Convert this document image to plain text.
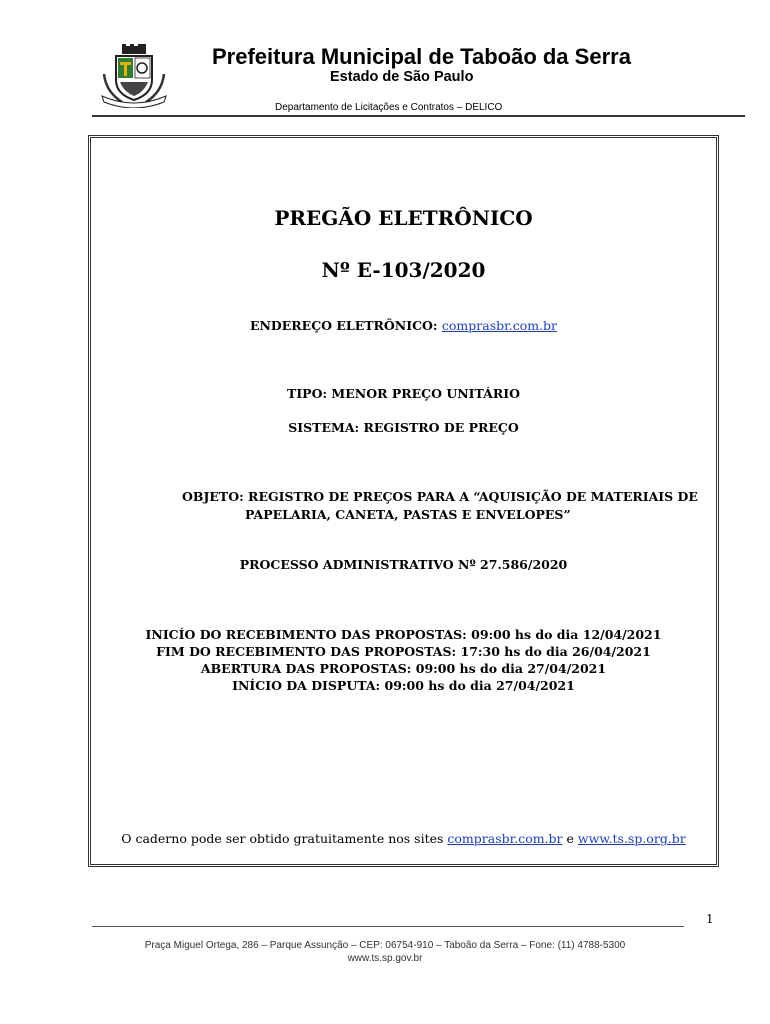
Prefeitura Municipal de Taboão da Serra
Estado de São Paulo
Departamento de Licitações e Contratos – DELICO
PREGÃO ELETRÔNICO
Nº E-103/2020
ENDEREÇO ELETRÔNICO: comprasbr.com.br
TIPO: MENOR PREÇO UNITÁRIO
SISTEMA: REGISTRO DE PREÇO
OBJETO: REGISTRO DE PREÇOS PARA A “AQUISIÇÃO DE MATERIAIS DE
PAPELARIA, CANETA, PASTAS E ENVELOPES”
PROCESSO ADMINISTRATIVO Nº 27.586/2020
INICÍO DO RECEBIMENTO DAS PROPOSTAS: 09:00 hs do dia 12/04/2021
FIM DO RECEBIMENTO DAS PROPOSTAS: 17:30 hs do dia 26/04/2021
ABERTURA DAS PROPOSTAS: 09:00 hs do dia 27/04/2021
INÍCIO DA DISPUTA: 09:00 hs do dia 27/04/2021
O caderno pode ser obtido gratuitamente nos sites comprasbr.com.br e www.ts.sp.org.br
1
Praça Miguel Ortega, 286 – Parque Assunção – CEP: 06754-910 – Taboão da Serra – Fone: (11) 4788-5300
www.ts.sp.gov.br
